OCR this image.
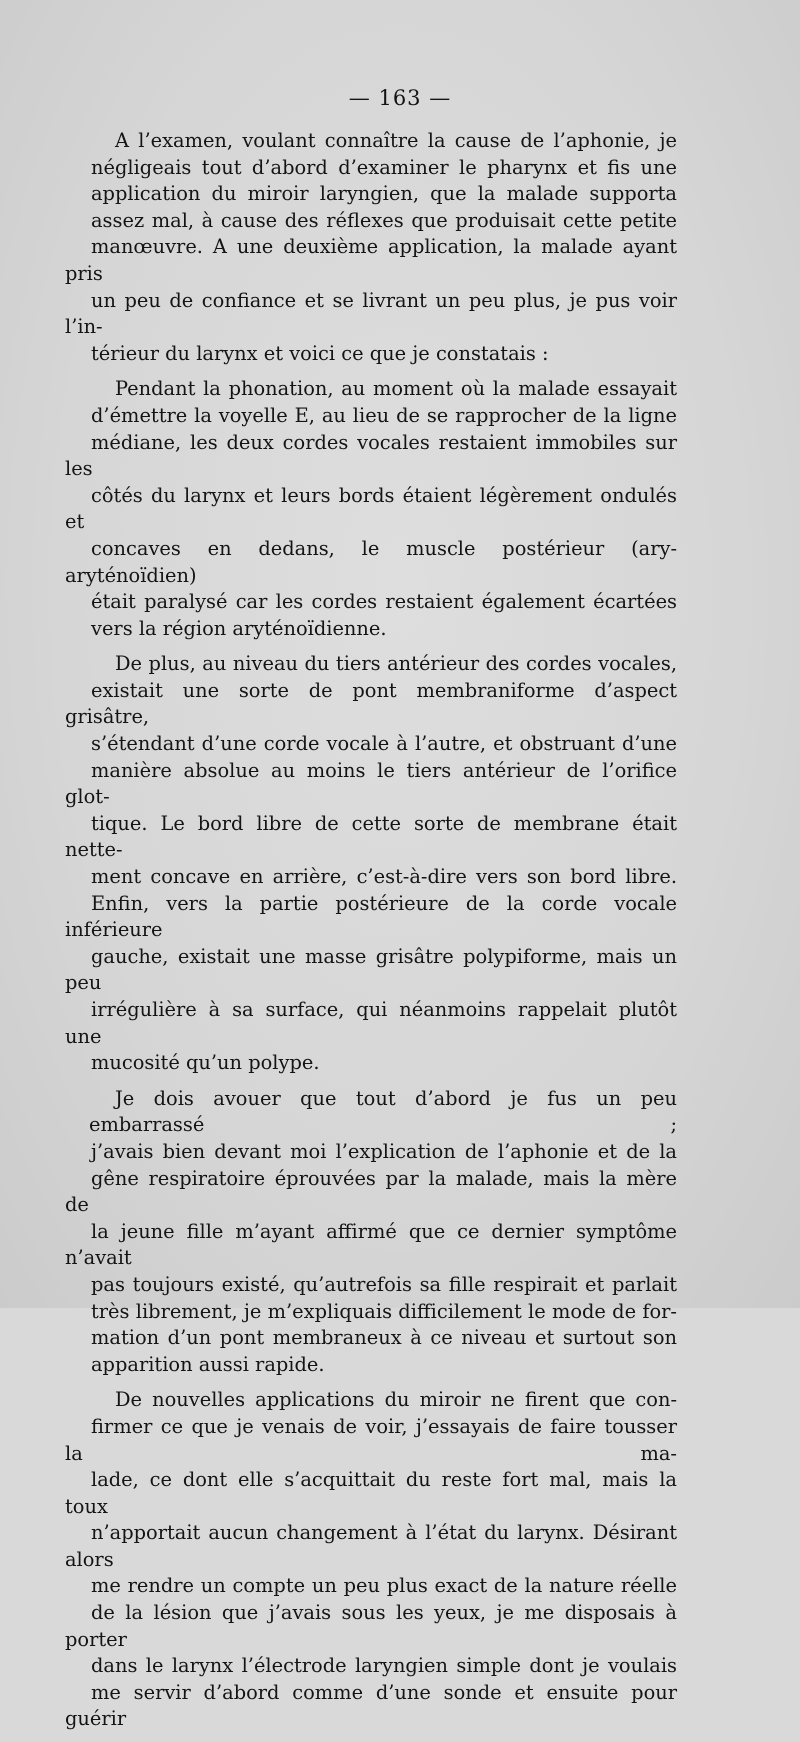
— 163 —

A l’examen, voulant connaître la cause de l’aphonie, je
négligeais tout d’abord d’examiner le pharynx et fis une
application du miroir laryngien, que la malade supporta
assez mal, à cause des réflexes que produisait cette petite
manœuvre. A une deuxième application, la malade ayant pris
un peu de confiance et se livrant un peu plus, je pus voir l’in-
térieur du larynx et voici ce que je constatais :

Pendant la phonation, au moment où la malade essayait
d’émettre la voyelle E, au lieu de se rapprocher de la ligne
médiane, les deux cordes vocales restaient immobiles sur les
côtés du larynx et leurs bords étaient légèrement ondulés et
concaves en dedans, le muscle postérieur (ary-aryténoïdien)
était paralysé car les cordes restaient également écartées
vers la région aryténoïdienne.

De plus, au niveau du tiers antérieur des cordes vocales,
existait une sorte de pont membraniforme d’aspect grisâtre,
s’étendant d’une corde vocale à l’autre, et obstruant d’une
manière absolue au moins le tiers antérieur de l’orifice glot-
tique. Le bord libre de cette sorte de membrane était nette-
ment concave en arrière, c’est-à-dire vers son bord libre.
Enfin, vers la partie postérieure de la corde vocale inférieure
gauche, existait une masse grisâtre polypiforme, mais un peu
irrégulière à sa surface, qui néanmoins rappelait plutôt une
mucosité qu’un polype.

Je dois avouer que tout d’abord je fus un peu embarrassé ;
j’avais bien devant moi l’explication de l’aphonie et de la
gêne respiratoire éprouvées par la malade, mais la mère de
la jeune fille m’ayant affirmé que ce dernier symptôme n’avait
pas toujours existé, qu’autrefois sa fille respirait et parlait
très librement, je m’expliquais difficilement le mode de for-
mation d’un pont membraneux à ce niveau et surtout son
apparition aussi rapide.

De nouvelles applications du miroir ne firent que con-
firmer ce que je venais de voir, j’essayais de faire tousser la ma-
lade, ce dont elle s’acquittait du reste fort mal, mais la toux
n’apportait aucun changement à l’état du larynx. Désirant alors
me rendre un compte un peu plus exact de la nature réelle
de la lésion que j’avais sous les yeux, je me disposais à porter
dans le larynx l’électrode laryngien simple dont je voulais
me servir d’abord comme d’une sonde et ensuite pour guérir
